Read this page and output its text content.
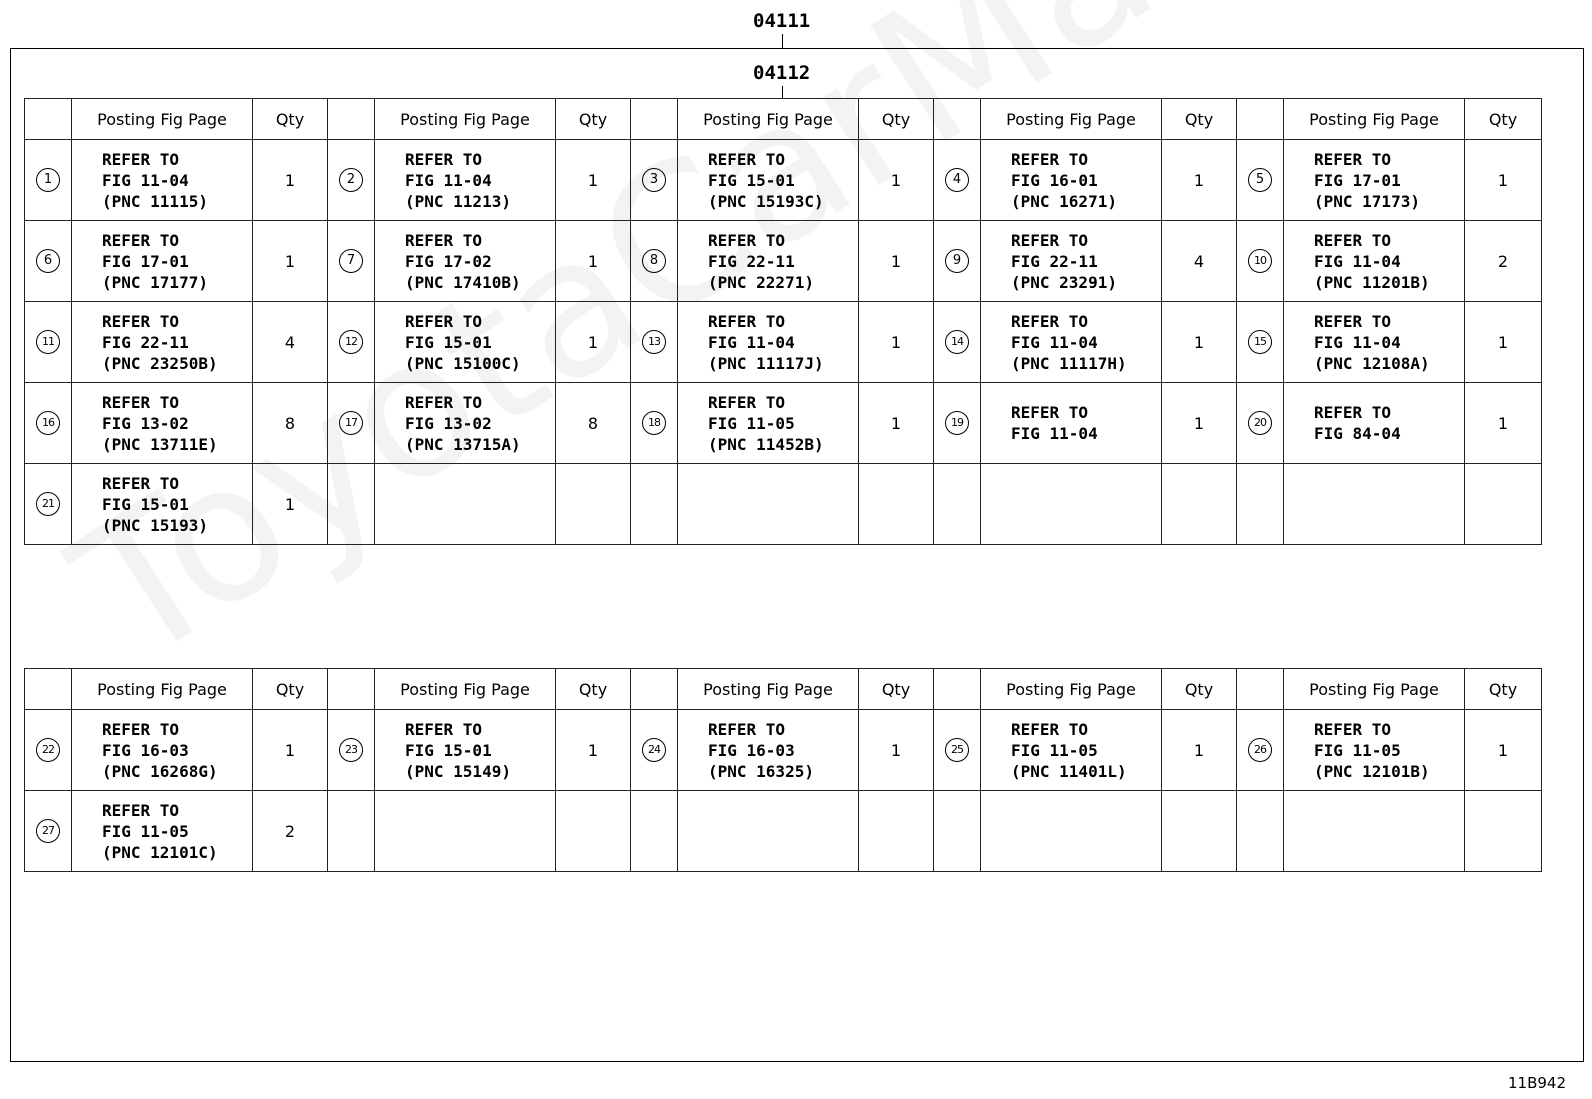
04111
04112
	Posting Fig Page	Qty		Posting Fig Page	Qty		Posting Fig Page	Qty		Posting Fig Page	Qty		Posting Fig Page	Qty
1	REFER TO
FIG 11-04
(PNC 11115)	1	2	REFER TO
FIG 11-04
(PNC 11213)	1	3	REFER TO
FIG 15-01
(PNC 15193C)	1	4	REFER TO
FIG 16-01
(PNC 16271)	1	5	REFER TO
FIG 17-01
(PNC 17173)	1
6	REFER TO
FIG 17-01
(PNC 17177)	1	7	REFER TO
FIG 17-02
(PNC 17410B)	1	8	REFER TO
FIG 22-11
(PNC 22271)	1	9	REFER TO
FIG 22-11
(PNC 23291)	4	10	REFER TO
FIG 11-04
(PNC 11201B)	2
11	REFER TO
FIG 22-11
(PNC 23250B)	4	12	REFER TO
FIG 15-01
(PNC 15100C)	1	13	REFER TO
FIG 11-04
(PNC 11117J)	1	14	REFER TO
FIG 11-04
(PNC 11117H)	1	15	REFER TO
FIG 11-04
(PNC 12108A)	1
16	REFER TO
FIG 13-02
(PNC 13711E)	8	17	REFER TO
FIG 13-02
(PNC 13715A)	8	18	REFER TO
FIG 11-05
(PNC 11452B)	1	19	REFER TO
FIG 11-04	1	20	REFER TO
FIG 84-04	1
21	REFER TO
FIG 15-01
(PNC 15193)	1												
	Posting Fig Page	Qty		Posting Fig Page	Qty		Posting Fig Page	Qty		Posting Fig Page	Qty		Posting Fig Page	Qty
22	REFER TO
FIG 16-03
(PNC 16268G)	1	23	REFER TO
FIG 15-01
(PNC 15149)	1	24	REFER TO
FIG 16-03
(PNC 16325)	1	25	REFER TO
FIG 11-05
(PNC 11401L)	1	26	REFER TO
FIG 11-05
(PNC 12101B)	1
27	REFER TO
FIG 11-05
(PNC 12101C)	2												
11B942
